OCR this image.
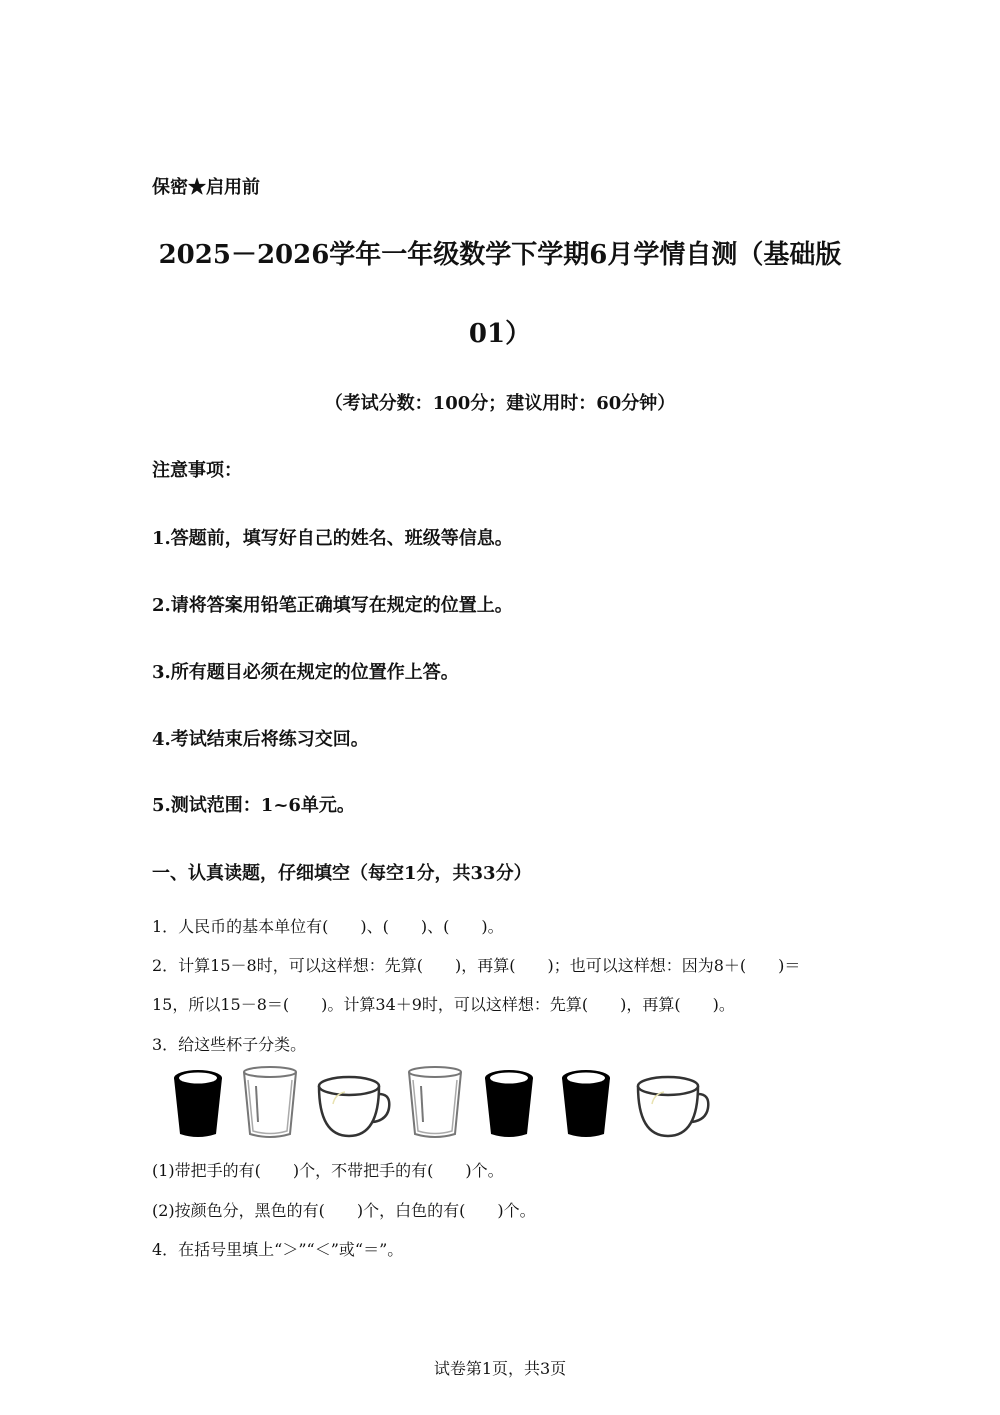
保密★启用前
2025－2026学年一年级数学下学期6月学情自测（基础版
01）
（考试分数：100分；建议用时：60分钟）
注意事项：
1.答题前，填写好自己的姓名、班级等信息。
2.请将答案用铅笔正确填写在规定的位置上。
3.所有题目必须在规定的位置作上答。
4.考试结束后将练习交回。
5.测试范围：1~6单元。
一、认真读题，仔细填空（每空1分，共33分）
1．人民币的基本单位有(　　)、(　　)、(　　)。
2．计算15－8时，可以这样想：先算(　　)，再算(　　)；也可以这样想：因为8＋(　　)＝
15，所以15－8＝(　　)。计算34＋9时，可以这样想：先算(　　)，再算(　　)。
3．给这些杯子分类。
(1)带把手的有(　　)个，不带把手的有(　　)个。
(2)按颜色分，黑色的有(　　)个，白色的有(　　)个。
4．在括号里填上“＞”“＜”或“＝”。
试卷第1页，共3页
